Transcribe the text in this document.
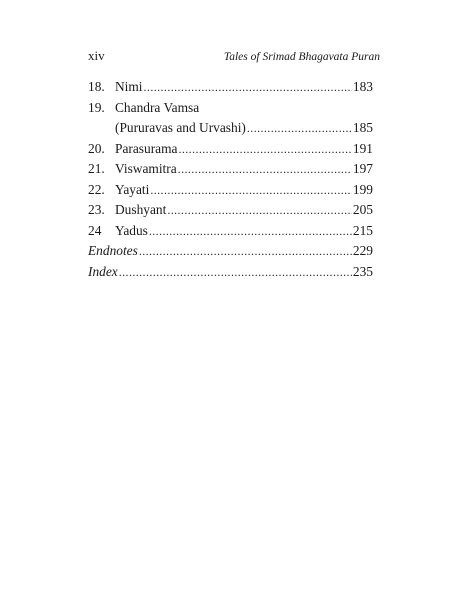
xiv	Tales of Srimad Bhagavata Puran
18. Nimi .....	183
19. Chandra Vamsa
(Pururavas and Urvashi) .....	185
20. Parasurama .....	191
21. Viswamitra .....	197
22. Yayati .....	199
23. Dushyant .....	205
24	Yadus .....	215
Endnotes .....	229
Index .....	235
